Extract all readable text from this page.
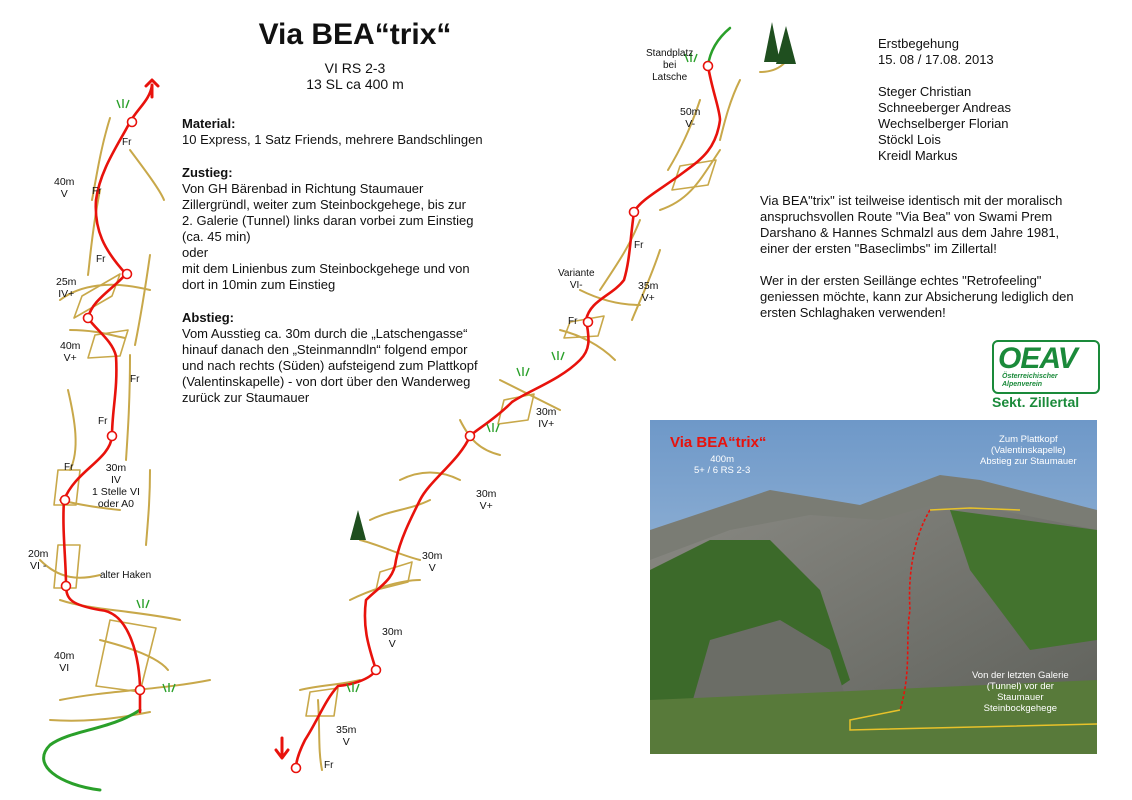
Via BEA“trix“
VI RS 2-3
13 SL ca 400 m
Material:
10 Express, 1 Satz Friends, mehrere Bandschlingen
Zustieg:
Von GH Bärenbad in Richtung Staumauer
Zillergründl, weiter zum Steinbockgehege, bis zur
2. Galerie (Tunnel) links daran vorbei zum Einstieg
(ca. 45 min)
oder
mit dem Linienbus zum Steinbockgehege und von
dort in 10min zum Einstieg
Abstieg:
Vom Ausstieg ca. 30m durch die „Latschengasse“
hinauf danach den „Steinmanndln“ folgend empor
und nach rechts (Süden) aufsteigend zum Plattkopf
(Valentinskapelle) - von dort über den Wanderweg
zurück zur Staumauer
Erstbegehung
15. 08 / 17.08. 2013
Steger Christian
Schneeberger Andreas
Wechselberger Florian
Stöckl Lois
Kreidl Markus
Via BEA"trix" ist teilweise identisch mit der moralisch
anspruchsvollen Route "Via Bea" von Swami Prem
Darshano & Hannes Schmalzl aus dem Jahre 1981,
einer der ersten "Baseclimbs" im Zillertal!
Wer in der ersten Seillänge echtes "Retrofeeling"
geniessen möchte, kann zur Absicherung lediglich den
ersten Schlaghaken verwenden!
OEAV
Österreichischer
Alpenverein
Sekt. Zillertal
40m
V
25m
IV+
40m
V+
30m
IV
1 Stelle VI
oder A0
20m
VI -
40m
VI
alter Haken
Fr
Fr
Fr
Fr
Fr
Fr
Standplatz
bei
Latsche
50m
V-
35m
V+
30m
IV+
30m
V+
30m
V
30m
V
35m
V
Variante
VI-
Fr
Fr
Fr
Via BEA“trix“
400m
5+ / 6 RS 2-3
Zum Plattkopf
(Valentinskapelle)
Abstieg zur Staumauer
Von der letzten Galerie
(Tunnel) vor der
Staumauer
Steinbockgehege
